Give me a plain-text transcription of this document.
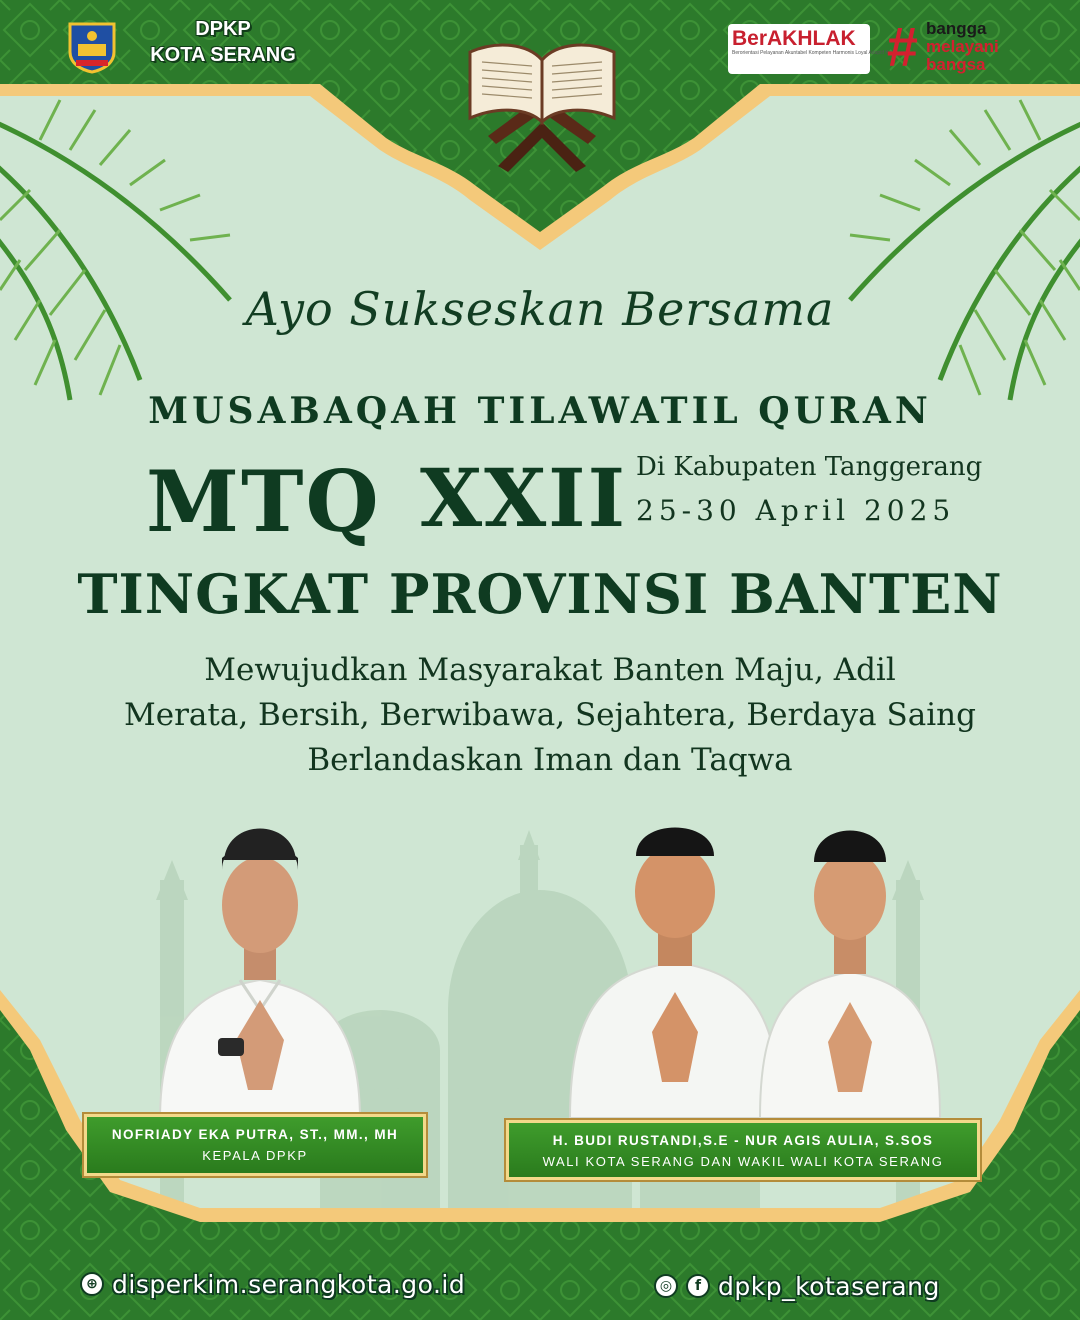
DPKP
KOTA SERANG
BerAKHLAK
Berorientasi Pelayanan Akuntabel Kompeten Harmonis Loyal Adaptif Kolaboratif
# bangga
melayani
bangsa
Ayo Sukseskan Bersama
MUSABAQAH TILAWATIL QURAN
MTQ XXII Di Kabupaten Tanggerang
25-30 April 2025
TINGKAT PROVINSI BANTEN
Mewujudkan Masyarakat Banten Maju, Adil
Merata, Bersih, Berwibawa, Sejahtera, Berdaya Saing
Berlandaskan Iman dan Taqwa
NOFRIADY EKA PUTRA, ST., MM., MH
KEPALA DPKP
H. BUDI RUSTANDI,S.E - NUR AGIS AULIA, S.SOS
WALI KOTA SERANG DAN WAKIL WALI KOTA SERANG
⊕ disperkim.serangkota.go.id	◎	f dpkp_kotaserang
